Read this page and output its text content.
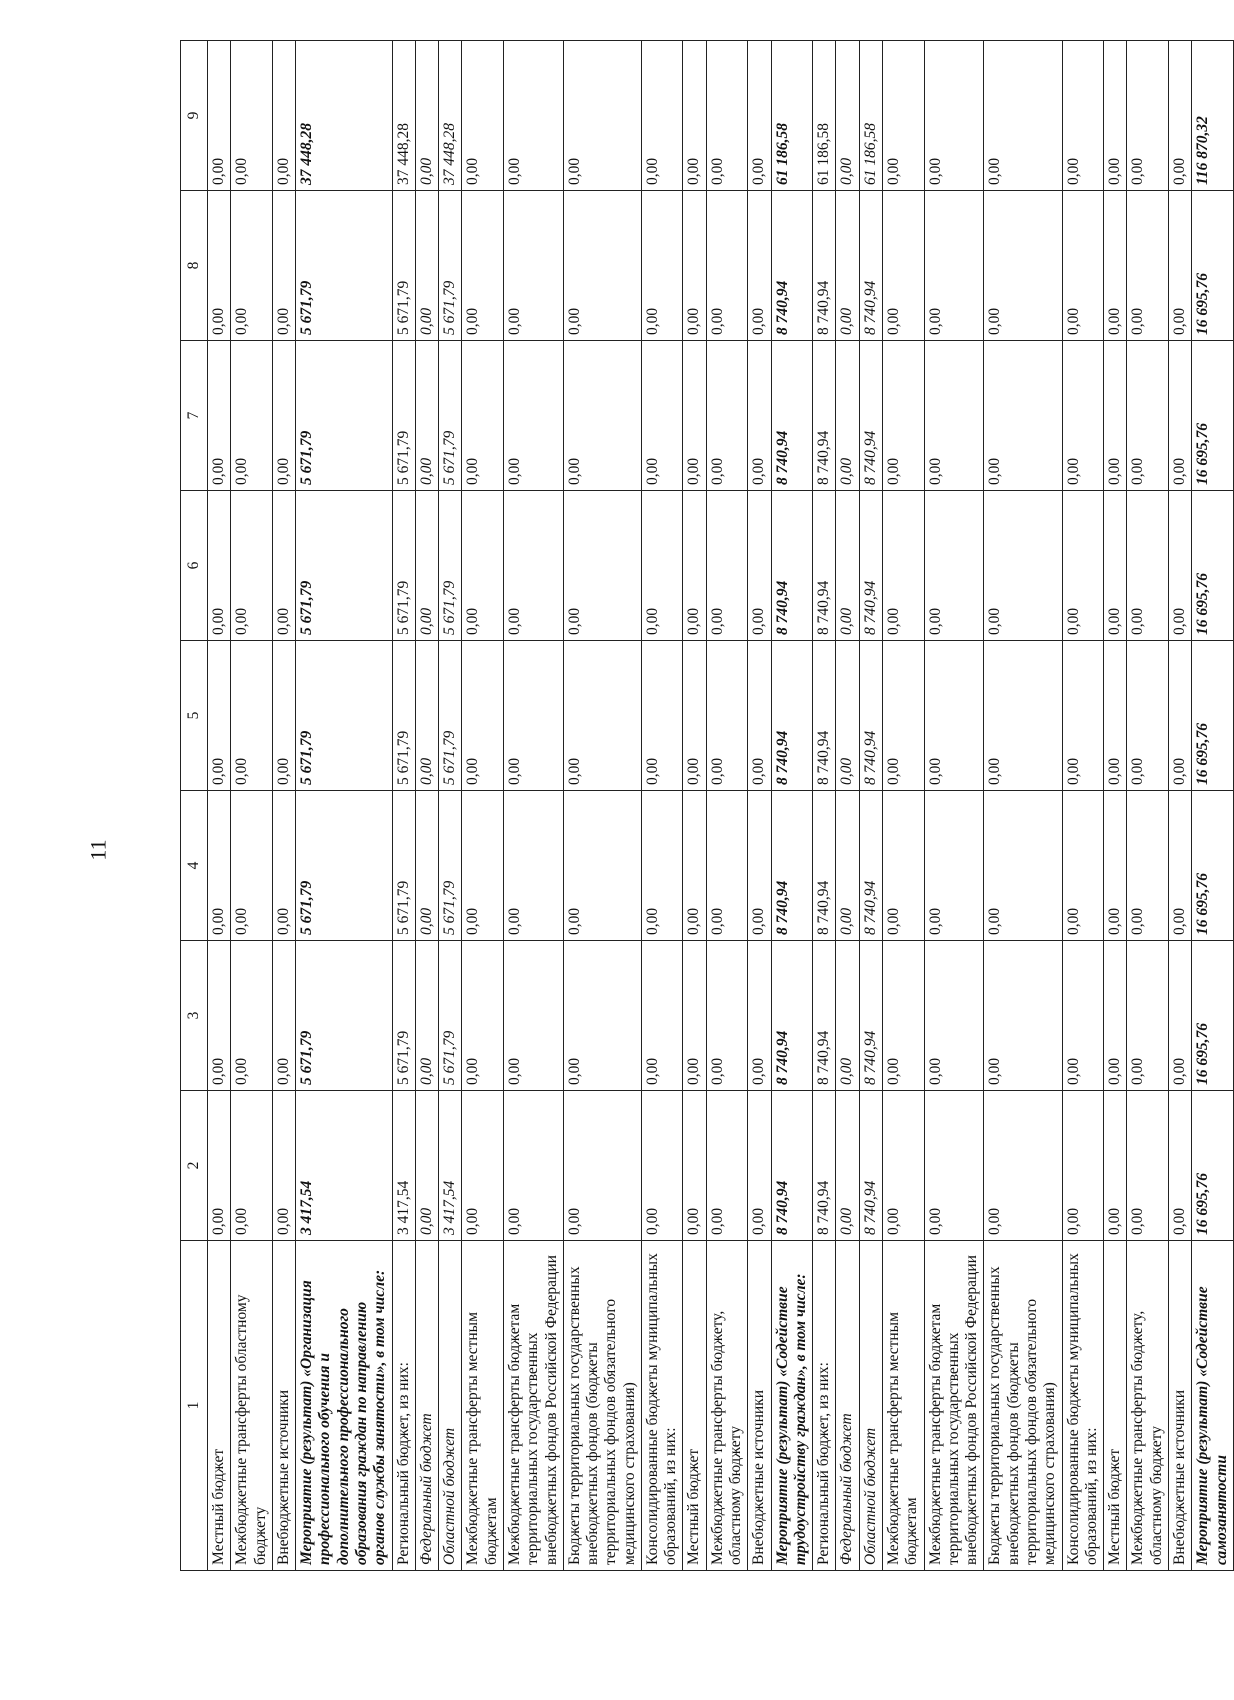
11
1	2	3	4	5	6	7	8	9
Местный бюджет	0,00	0,00	0,00	0,00	0,00	0,00	0,00	0,00
Межбюджетные трансферты областному бюджету	0,00	0,00	0,00	0,00	0,00	0,00	0,00	0,00
Внебюджетные источники	0,00	0,00	0,00	0,00	0,00	0,00	0,00	0,00
Мероприятие (результат) «Организация профессионального обучения и дополнительного профессионального образования граждан по направлению органов службы занятости», в том числе:	3 417,54	5 671,79	5 671,79	5 671,79	5 671,79	5 671,79	5 671,79	37 448,28
Региональный бюджет, из них:	3 417,54	5 671,79	5 671,79	5 671,79	5 671,79	5 671,79	5 671,79	37 448,28
Федеральный бюджет	0,00	0,00	0,00	0,00	0,00	0,00	0,00	0,00
Областной бюджет	3 417,54	5 671,79	5 671,79	5 671,79	5 671,79	5 671,79	5 671,79	37 448,28
Межбюджетные трансферты местным бюджетам	0,00	0,00	0,00	0,00	0,00	0,00	0,00	0,00
Межбюджетные трансферты бюджетам территориальных государственных внебюджетных фондов Российской Федерации	0,00	0,00	0,00	0,00	0,00	0,00	0,00	0,00
Бюджеты территориальных государственных внебюджетных фондов (бюджеты территориальных фондов обязательного медицинского страхования)	0,00	0,00	0,00	0,00	0,00	0,00	0,00	0,00
Консолидированные бюджеты муниципальных образований, из них:	0,00	0,00	0,00	0,00	0,00	0,00	0,00	0,00
Местный бюджет	0,00	0,00	0,00	0,00	0,00	0,00	0,00	0,00
Межбюджетные трансферты бюджету, областному бюджету	0,00	0,00	0,00	0,00	0,00	0,00	0,00	0,00
Внебюджетные источники	0,00	0,00	0,00	0,00	0,00	0,00	0,00	0,00
Мероприятие (результат) «Содействие трудоустройству граждан», в том числе:	8 740,94	8 740,94	8 740,94	8 740,94	8 740,94	8 740,94	8 740,94	61 186,58
Региональный бюджет, из них:	8 740,94	8 740,94	8 740,94	8 740,94	8 740,94	8 740,94	8 740,94	61 186,58
Федеральный бюджет	0,00	0,00	0,00	0,00	0,00	0,00	0,00	0,00
Областной бюджет	8 740,94	8 740,94	8 740,94	8 740,94	8 740,94	8 740,94	8 740,94	61 186,58
Межбюджетные трансферты местным бюджетам	0,00	0,00	0,00	0,00	0,00	0,00	0,00	0,00
Межбюджетные трансферты бюджетам территориальных государственных внебюджетных фондов Российской Федерации	0,00	0,00	0,00	0,00	0,00	0,00	0,00	0,00
Бюджеты территориальных государственных внебюджетных фондов (бюджеты территориальных фондов обязательного медицинского страхования)	0,00	0,00	0,00	0,00	0,00	0,00	0,00	0,00
Консолидированные бюджеты муниципальных образований, из них:	0,00	0,00	0,00	0,00	0,00	0,00	0,00	0,00
Местный бюджет	0,00	0,00	0,00	0,00	0,00	0,00	0,00	0,00
Межбюджетные трансферты бюджету, областному бюджету	0,00	0,00	0,00	0,00	0,00	0,00	0,00	0,00
Внебюджетные источники	0,00	0,00	0,00	0,00	0,00	0,00	0,00	0,00
Мероприятие (результат) «Содействие самозанятости	16 695,76	16 695,76	16 695,76	16 695,76	16 695,76	16 695,76	16 695,76	116 870,32
